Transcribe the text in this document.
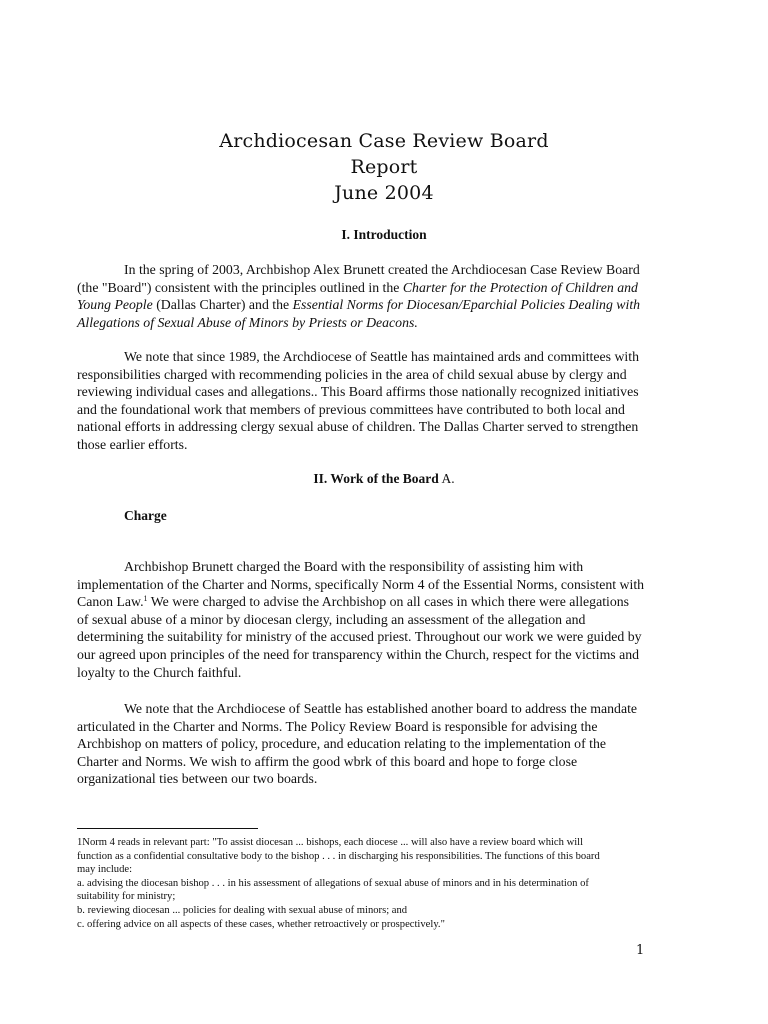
Archdiocesan Case Review Board
Report
June 2004
I. Introduction
In the spring of 2003, Archbishop Alex Brunett created the Archdiocesan Case Review Board
(the "Board") consistent with the principles outlined in the Charter for the Protection of Children and
Young People (Dallas Charter) and the Essential Norms for Diocesan/Eparchial Policies Dealing with
Allegations of Sexual Abuse of Minors by Priests or Deacons.
We note that since 1989, the Archdiocese of Seattle has maintained ards and committees with
responsibilities charged with recommending policies in the area of child sexual abuse by clergy and
reviewing individual cases and allegations.. This Board affirms those nationally recognized initiatives
and the foundational work that members of previous committees have contributed to both local and
national efforts in addressing clergy sexual abuse of children. The Dallas Charter served to strengthen
those earlier efforts.
II. Work of the Board A.
Charge
Archbishop Brunett charged the Board with the responsibility of assisting him with
implementation of the Charter and Norms, specifically Norm 4 of the Essential Norms, consistent with
Canon Law.$^1$ We were charged to advise the Archbishop on all cases in which there were allegations
of sexual abuse of a minor by diocesan clergy, including an assessment of the allegation and
determining the suitability for ministry of the accused priest. Throughout our work we were guided by
our agreed upon principles of the need for transparency within the Church, respect for the victims and
loyalty to the Church faithful.
We note that the Archdiocese of Seattle has established another board to address the mandate
articulated in the Charter and Norms. The Policy Review Board is responsible for advising the
Archbishop on matters of policy, procedure, and education relating to the implementation of the
Charter and Norms. We wish to affirm the good wbrk of this board and hope to forge close
organizational ties between our two boards.
1Norm 4 reads in relevant part: "To assist diocesan ... bishops, each diocese ... will also have a review board which will
function as a confidential consultative body to the bishop . . . in discharging his responsibilities. The functions of this board
may include:
a. advising the diocesan bishop . . . in his assessment of allegations of sexual abuse of minors and in his determination of
suitability for ministry;
b. reviewing diocesan ... policies for dealing with sexual abuse of minors; and
c. offering advice on all aspects of these cases, whether retroactively or prospectively."
1
